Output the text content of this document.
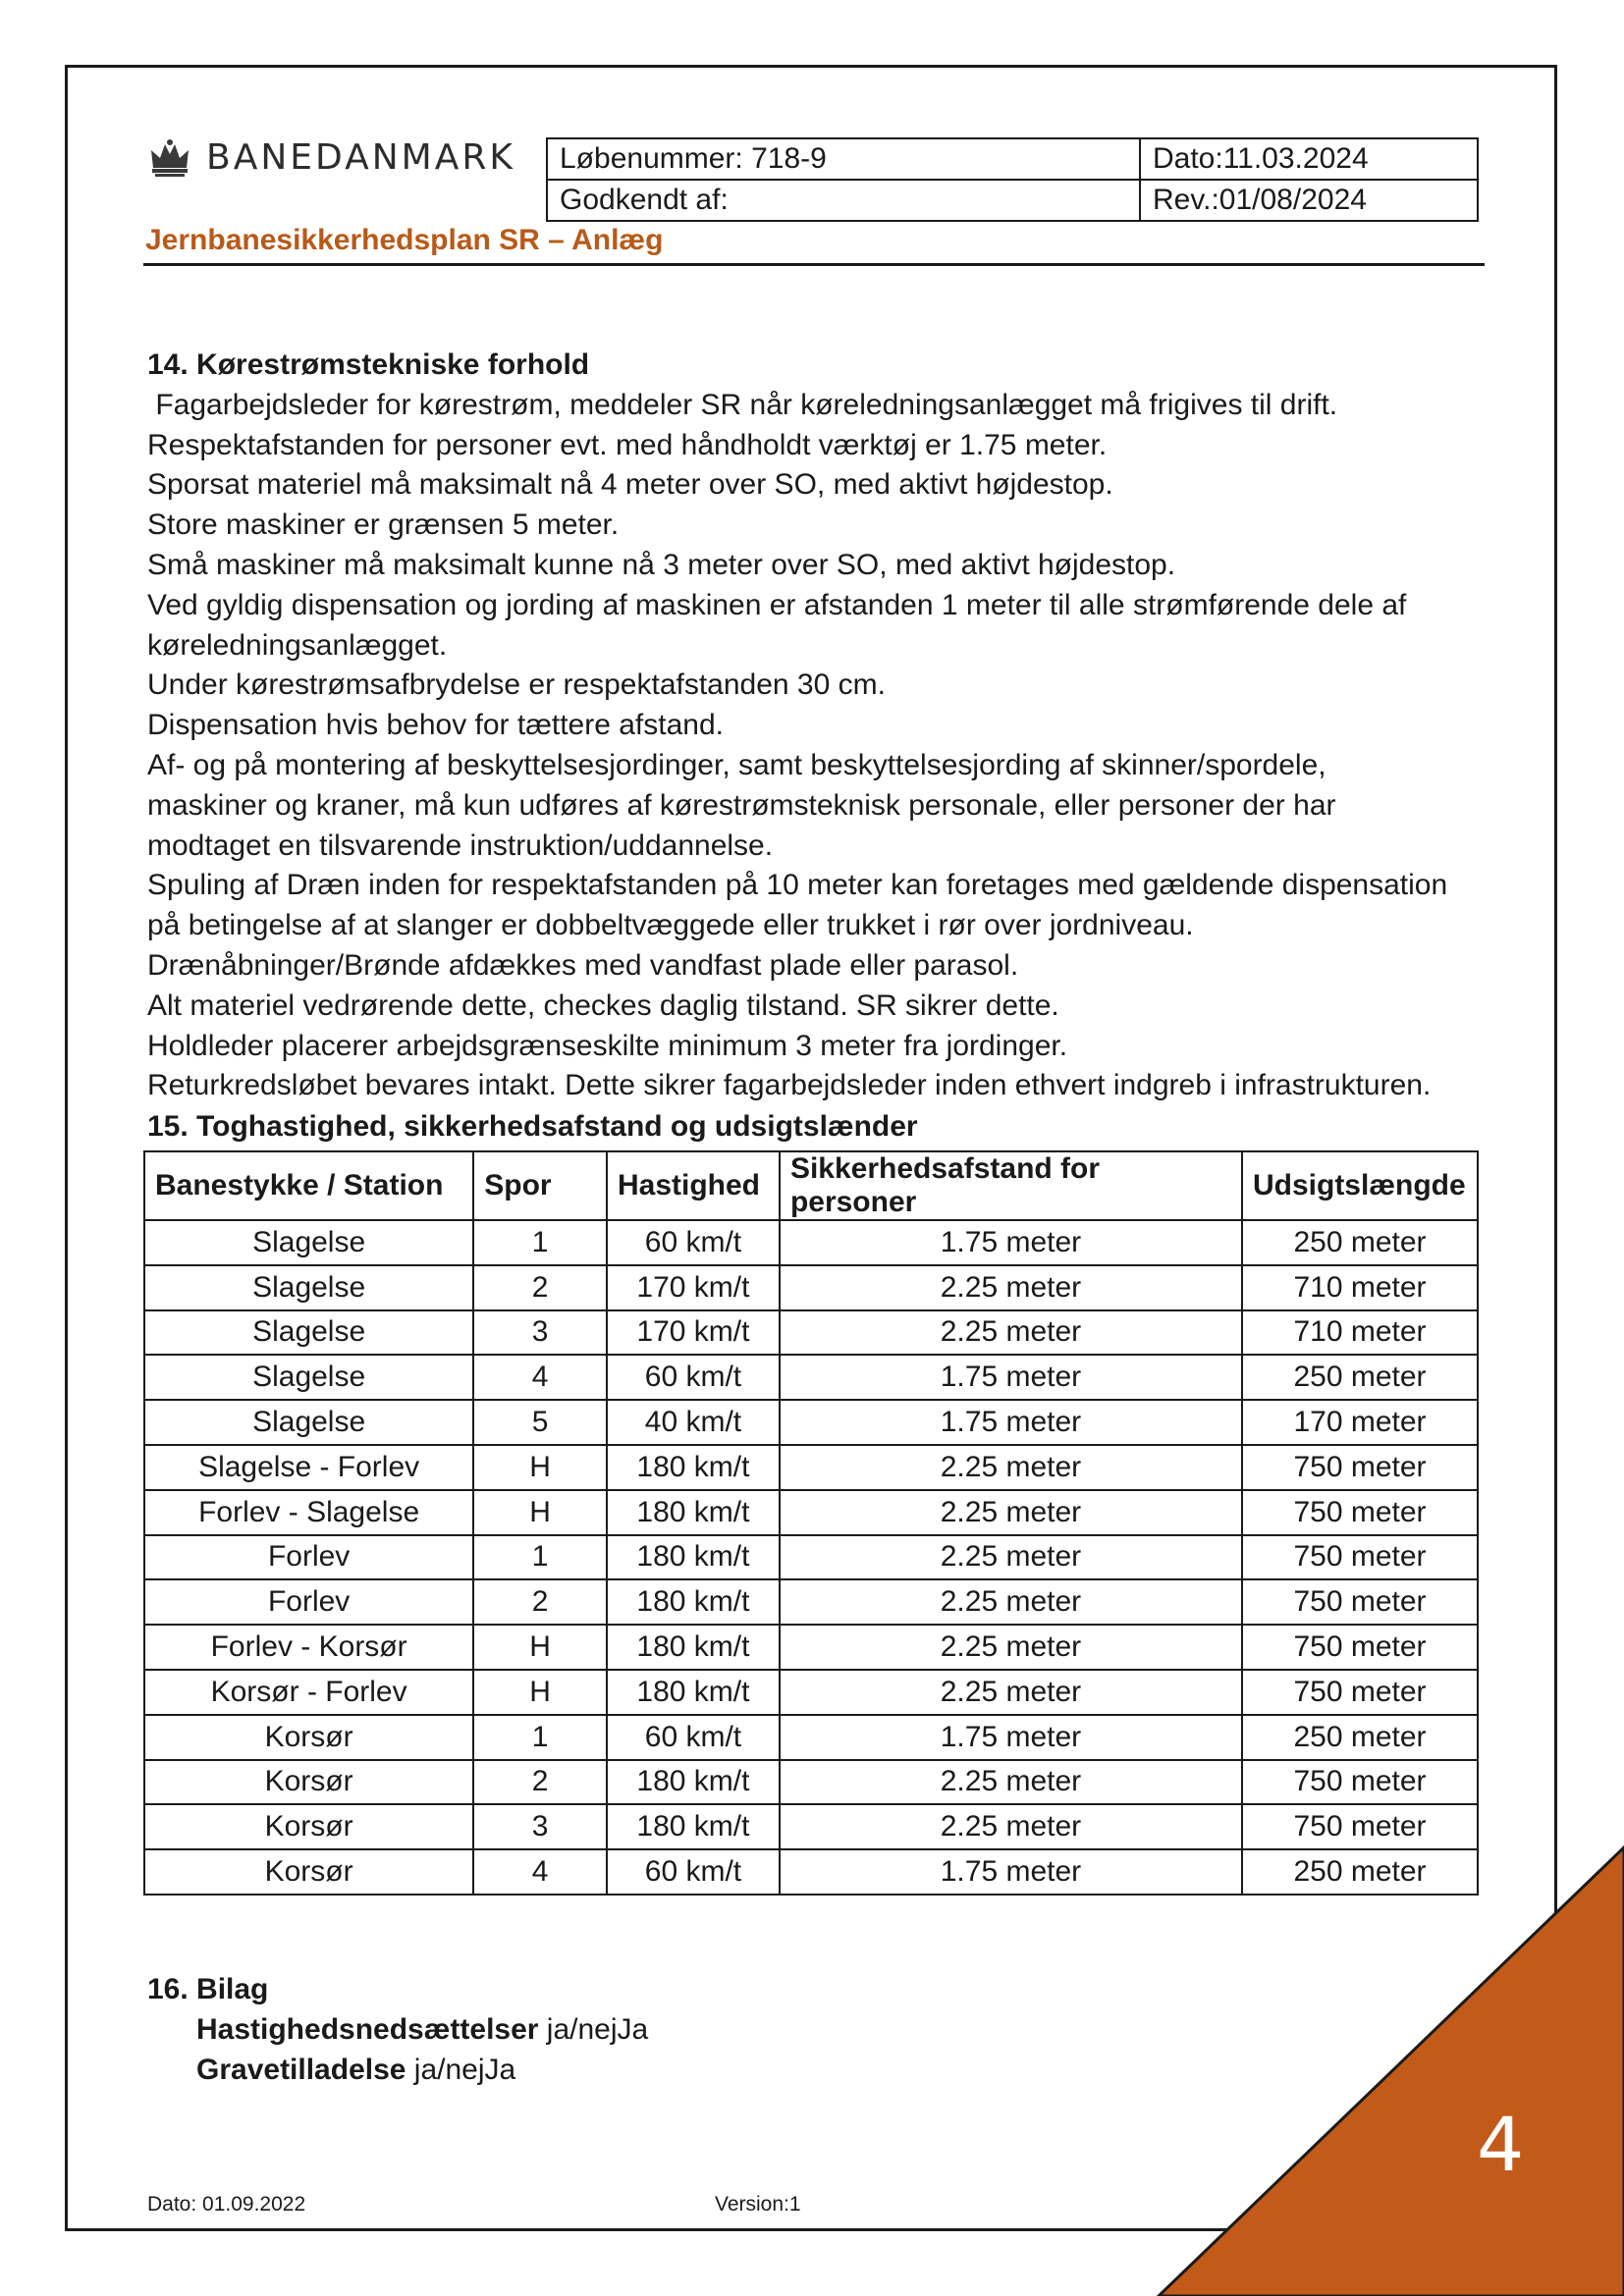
BANEDANMARK Løbenummer: 718-9	Dato:11.03.2024
Godkendt af:	Rev.:01/08/2024
Jernbanesikkerhedsplan SR – Anlæg
14. Kørestrømstekniske forhold

Fagarbejdsleder for kørestrøm, meddeler SR når køreledningsanlægget må frigives til drift.

Respektafstanden for personer evt. med håndholdt værktøj er 1.75 meter.

Sporsat materiel må maksimalt nå 4 meter over SO, med aktivt højdestop.

Store maskiner er grænsen 5 meter.

Små maskiner må maksimalt kunne nå 3 meter over SO, med aktivt højdestop.

Ved gyldig dispensation og jording af maskinen er afstanden 1 meter til alle strømførende dele af

køreledningsanlægget.

Under kørestrømsafbrydelse er respektafstanden 30 cm.

Dispensation hvis behov for tættere afstand.

Af- og på montering af beskyttelsesjordinger, samt beskyttelsesjording af skinner/spordele,

maskiner og kraner, må kun udføres af kørestrømsteknisk personale, eller personer der har

modtaget en tilsvarende instruktion/uddannelse.

Spuling af Dræn inden for respektafstanden på 10 meter kan foretages med gældende dispensation

på betingelse af at slanger er dobbeltvæggede eller trukket i rør over jordniveau.

Drænåbninger/Brønde afdækkes med vandfast plade eller parasol.

Alt materiel vedrørende dette, checkes daglig tilstand. SR sikrer dette.

Holdleder placerer arbejdsgrænseskilte minimum 3 meter fra jordinger.

Returkredsløbet bevares intakt. Dette sikrer fagarbejdsleder inden ethvert indgreb i infrastrukturen.

15. Toghastighed, sikkerhedsafstand og udsigtslænder
Banestykke / Station	Spor	Hastighed	Sikkerhedsafstand for personer	Udsigtslængde
Slagelse	1	60 km/t	1.75 meter	250 meter
Slagelse	2	170 km/t	2.25 meter	710 meter
Slagelse	3	170 km/t	2.25 meter	710 meter
Slagelse	4	60 km/t	1.75 meter	250 meter
Slagelse	5	40 km/t	1.75 meter	170 meter
Slagelse - Forlev	H	180 km/t	2.25 meter	750 meter
Forlev - Slagelse	H	180 km/t	2.25 meter	750 meter
Forlev	1	180 km/t	2.25 meter	750 meter
Forlev	2	180 km/t	2.25 meter	750 meter
Forlev - Korsør	H	180 km/t	2.25 meter	750 meter
Korsør - Forlev	H	180 km/t	2.25 meter	750 meter
Korsør	1	60 km/t	1.75 meter	250 meter
Korsør	2	180 km/t	2.25 meter	750 meter
Korsør	3	180 km/t	2.25 meter	750 meter
Korsør	4	60 km/t	1.75 meter	250 meter
16. Bilag
Hastighedsnedsættelser ja/nejJa
Gravetilladelse ja/nejJa
Dato: 01.09.2022	Version:1
4
